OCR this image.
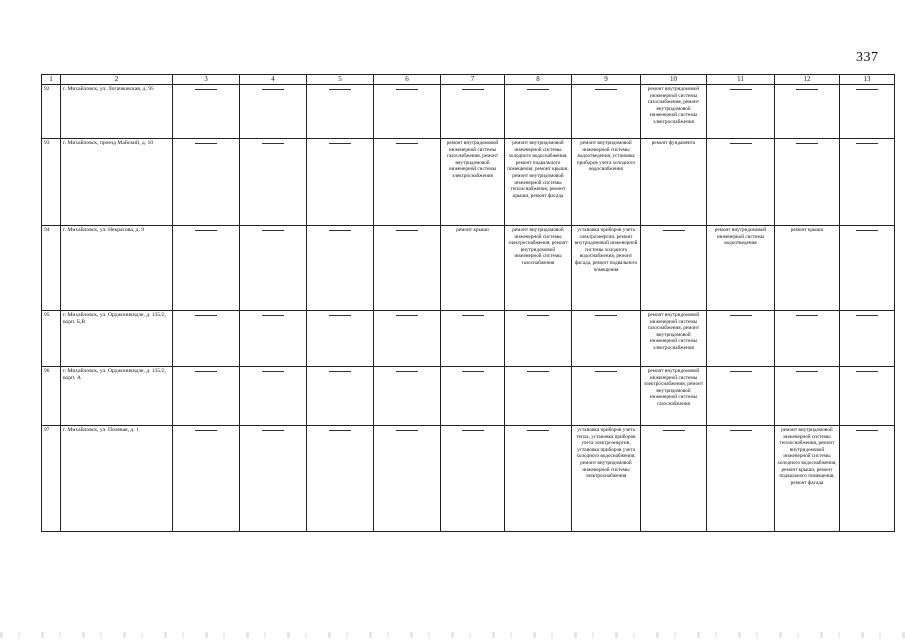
337
1	2	3	4	5	6	7	8	9	10	11	12	13
92	г. Михайловск, ул. Логачковская, д. 95								ремонт внутридомовой инженерной системы газоснабжения, ремонт внутридомовой инженерной системы электроснабжения			
93	г. Михайловск, проезд Майский, д. 10					ремонт внутридомовой инженерной системы газоснабжения, ремонт внутридомовой инженерной системы электроснабжения	ремонт внутридомовой инженерной системы холодного водоснабжения, ремонт подвального помещения, ремонт крыши, ремонт внутридомовой инженерной системы теплоснабжения, ремонт крыши, ремонт фасада	ремонт внутридомовой инженерной системы водоотведения, установка приборов учета холодного водоснабжения	ремонт фундамента			
94	г. Михайловск, ул. Некрасова, д. 9					ремонт крыши	ремонт внутридомовой инженерной системы электроснабжения, ремонт внутридомовой инженерной системы газоснабжения	установка приборов учета электроэнергии, ремонт внутридомовой инженерной системы холодного водоснабжения, ремонт фасада, ремонт подвального помещения		ремонт внутридомовой инженерной системы водоотведения	ремонт крыши	
95	г. Михайловск, ул. Орджоникидзе, д. 135/2, корп. Б,В								ремонт внутридомовой инженерной системы газоснабжения, ремонт внутридомовой инженерной системы электроснабжения			
96	г. Михайловск, ул. Орджоникидзе, д. 135/2, корп. А								ремонт внутридомовой инженерной системы электроснабжения, ремонт внутридомовой инженерной системы газоснабжения			
97	г. Михайловск, ул. Полевая, д. 1							установка приборов учета тепла, установка приборов учета электроэнергии, установка приборов учета холодного водоснабжения, ремонт внутридомовой инженерной системы электроснабжения			ремонт внутридомовой инженерной системы теплоснабжения, ремонт внутридомовой инженерной системы холодного водоснабжения, ремонт крыши, ремонт подвального помещения, ремонт фасада	
